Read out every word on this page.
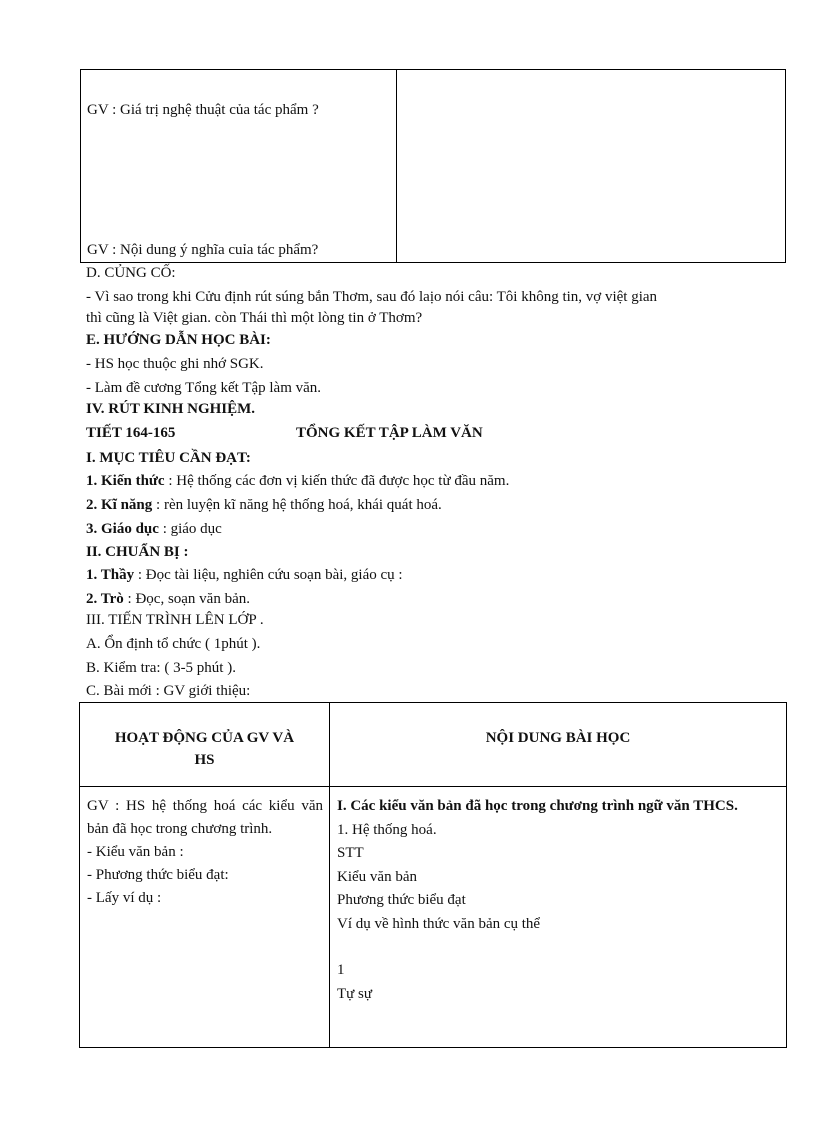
GV : Giá trị nghệ thuật của tác phẩm ?
GV : Nội dung ý nghĩa cuỉa tác phẩm?
D. CỦNG CỐ:
- Vì sao trong khi Cửu định rút súng bắn Thơm, sau đó laịo nói câu: Tôi không tin, vợ việt gian
thì cũng là Việt gian. còn Thái thì một lòng tin ở Thơm?
E. HƯỚNG DẪN HỌC BÀI:
- HS học thuộc ghi nhớ SGK.
- Làm đề cương Tổng kết Tập làm văn.
IV. RÚT KINH NGHIỆM.
TIẾT 164-165	TỔNG KẾT TẬP LÀM VĂN
I. MỤC TIÊU CẦN ĐẠT:
1. Kiến thức : Hệ thống các đơn vị kiến thức đã được học từ đầu năm.
2. Kĩ năng : rèn luyện kĩ năng hệ thống hoá, khái quát hoá.
3. Giáo dục : giáo dục
II. CHUẨN BỊ :
1. Thầy : Đọc tài liệu, nghiên cứu soạn bài, giáo cụ :
2. Trò : Đọc, soạn văn bản.
III. TIẾN TRÌNH LÊN LỚP .
A. Ổn định tổ chức ( 1phút ).
B. Kiểm tra: ( 3-5 phút ).
C. Bài mới : GV giới thiệu:
HOẠT ĐỘNG CỦA GV VÀ
HS
NỘI DUNG BÀI HỌC
GV : HS hệ thống hoá các kiểu văn bản đã học trong chương trình.
- Kiểu văn bản :
- Phương thức biểu đạt:
- Lấy ví dụ :
I. Các kiểu văn bản đã học trong chương trình ngữ văn THCS.
1. Hệ thống hoá.
STT
Kiểu văn bản
Phương thức biểu đạt
Ví dụ về hình thức văn bản cụ thể
1
Tự sự
